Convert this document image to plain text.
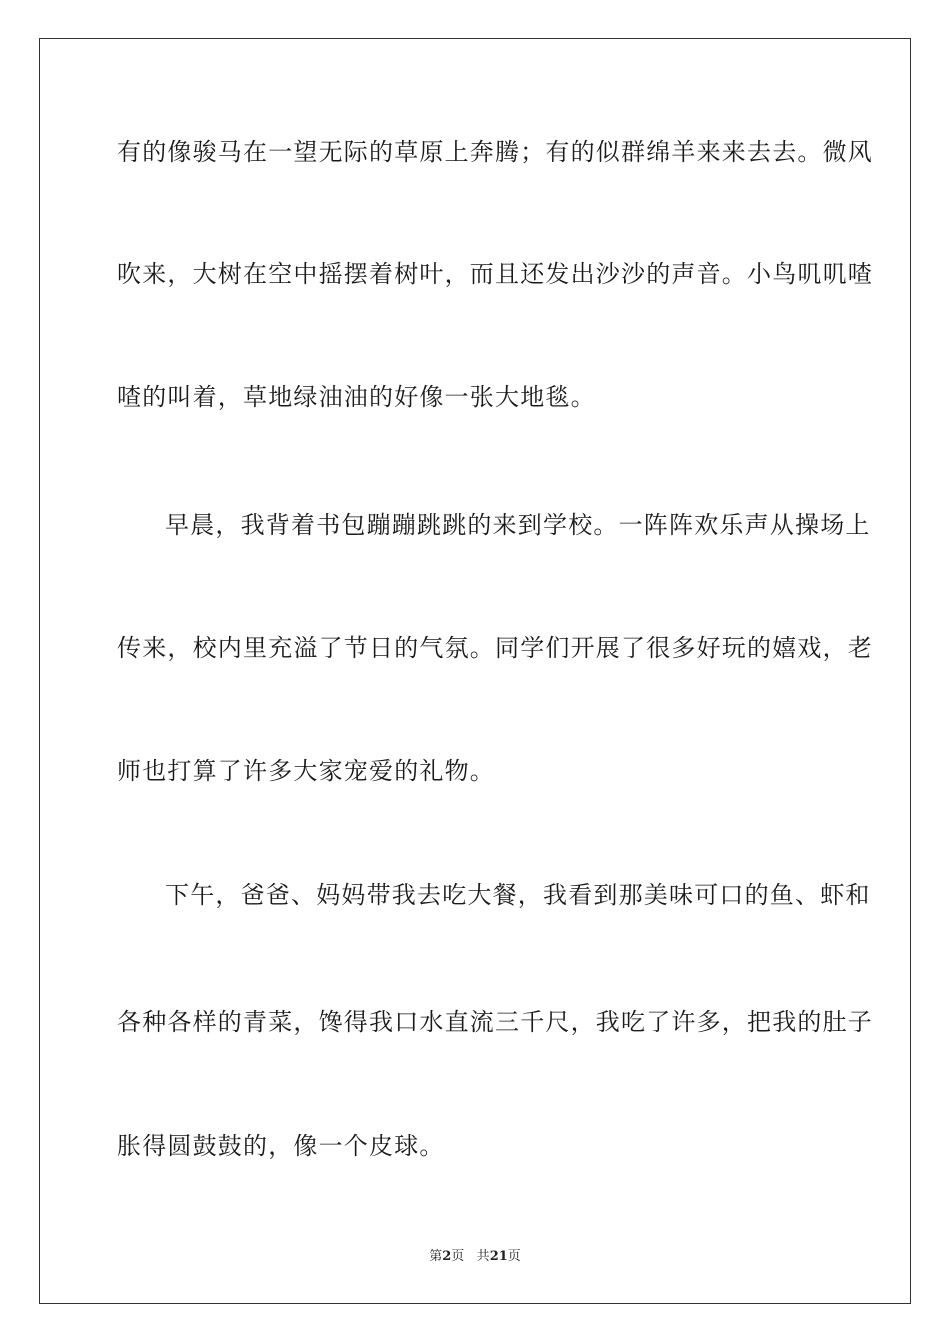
有的像骏马在一望无际的草原上奔腾；有的似群绵羊来来去去。微风
吹来，大树在空中摇摆着树叶，而且还发出沙沙的声音。小鸟叽叽喳
喳的叫着，草地绿油油的好像一张大地毯。
早晨，我背着书包蹦蹦跳跳的来到学校。一阵阵欢乐声从操场上
传来，校内里充溢了节日的气氛。同学们开展了很多好玩的嬉戏，老
师也打算了许多大家宠爱的礼物。
下午，爸爸、妈妈带我去吃大餐，我看到那美味可口的鱼、虾和
各种各样的青菜，馋得我口水直流三千尺，我吃了许多，把我的肚子
胀得圆鼓鼓的，像一个皮球。
第2页 共21页
